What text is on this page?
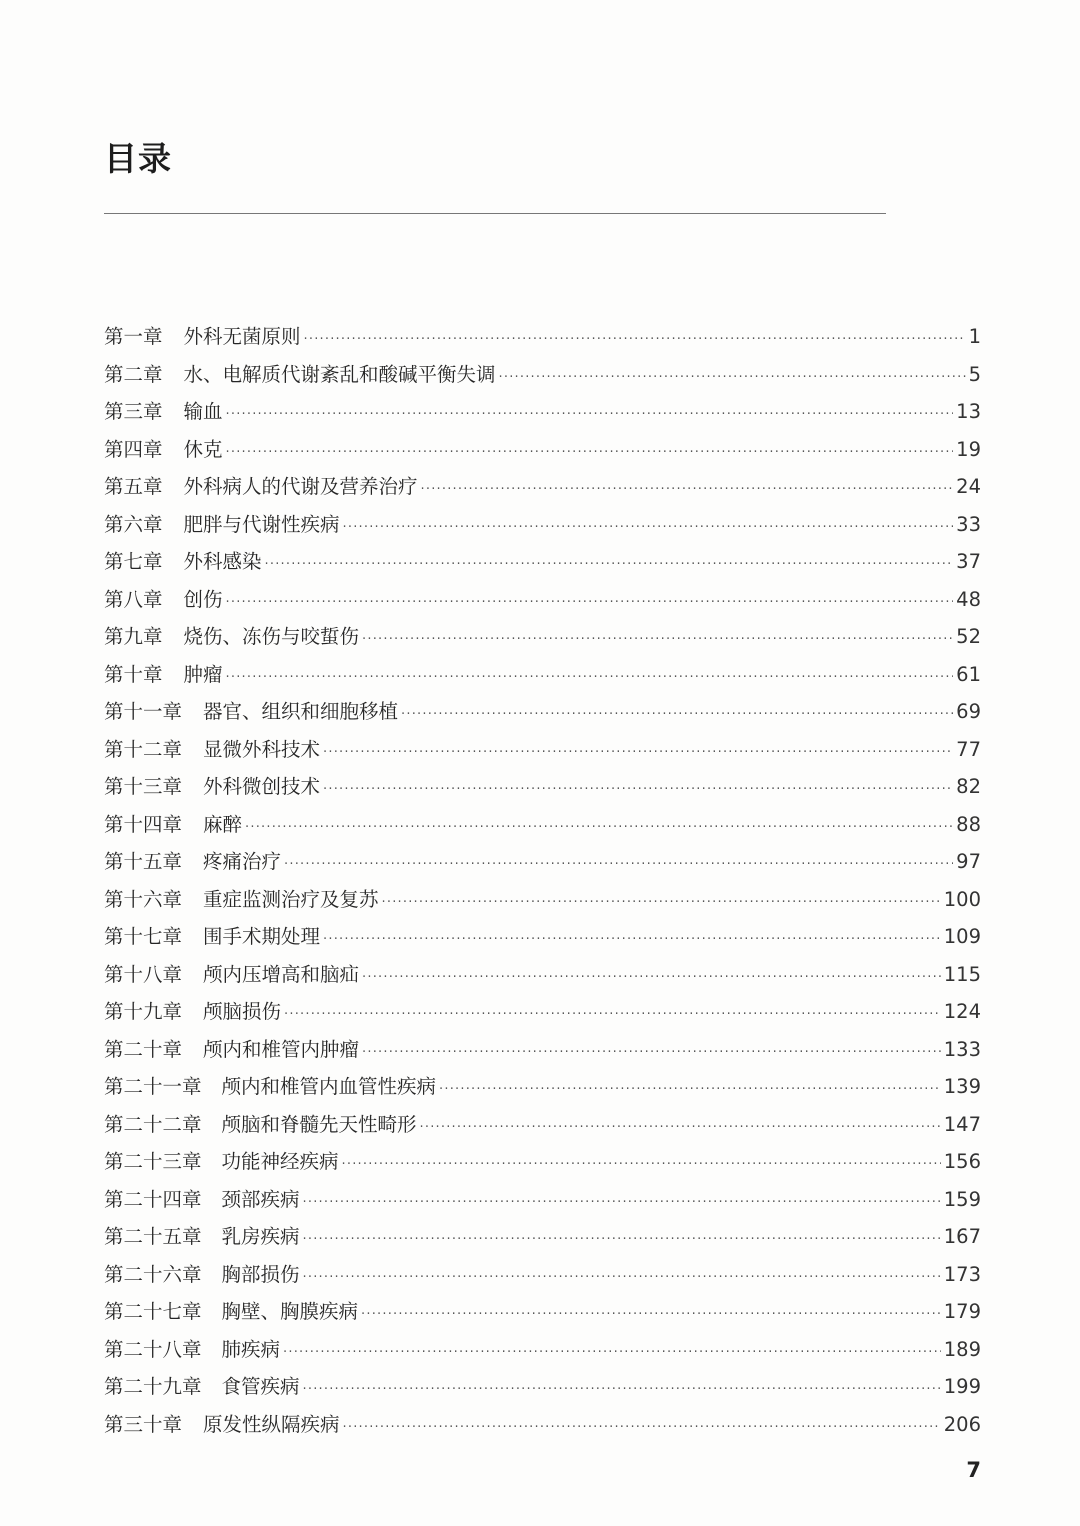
目录
第一章 外科无菌原则 ·····	1
第二章 水、电解质代谢紊乱和酸碱平衡失调 ·····	5
第三章 输血 ·····	13
第四章 休克 ·····	19
第五章 外科病人的代谢及营养治疗 ·····	24
第六章 肥胖与代谢性疾病 ·····	33
第七章 外科感染 ·····	37
第八章 创伤 ·····	48
第九章 烧伤、冻伤与咬蜇伤 ·····	52
第十章 肿瘤 ·····	61
第十一章 器官、组织和细胞移植 ·····	69
第十二章 显微外科技术 ·····	77
第十三章 外科微创技术 ·····	82
第十四章 麻醉 ·····	88
第十五章 疼痛治疗 ·····	97
第十六章 重症监测治疗及复苏 ·····	100
第十七章 围手术期处理 ·····	109
第十八章 颅内压增高和脑疝 ·····	115
第十九章 颅脑损伤 ·····	124
第二十章 颅内和椎管内肿瘤 ·····	133
第二十一章 颅内和椎管内血管性疾病 ·····	139
第二十二章 颅脑和脊髓先天性畸形 ·····	147
第二十三章 功能神经疾病 ·····	156
第二十四章 颈部疾病 ·····	159
第二十五章 乳房疾病 ·····	167
第二十六章 胸部损伤 ·····	173
第二十七章 胸壁、胸膜疾病 ·····	179
第二十八章 肺疾病 ·····	189
第二十九章 食管疾病 ·····	199
第三十章 原发性纵隔疾病 ·····	206
7
